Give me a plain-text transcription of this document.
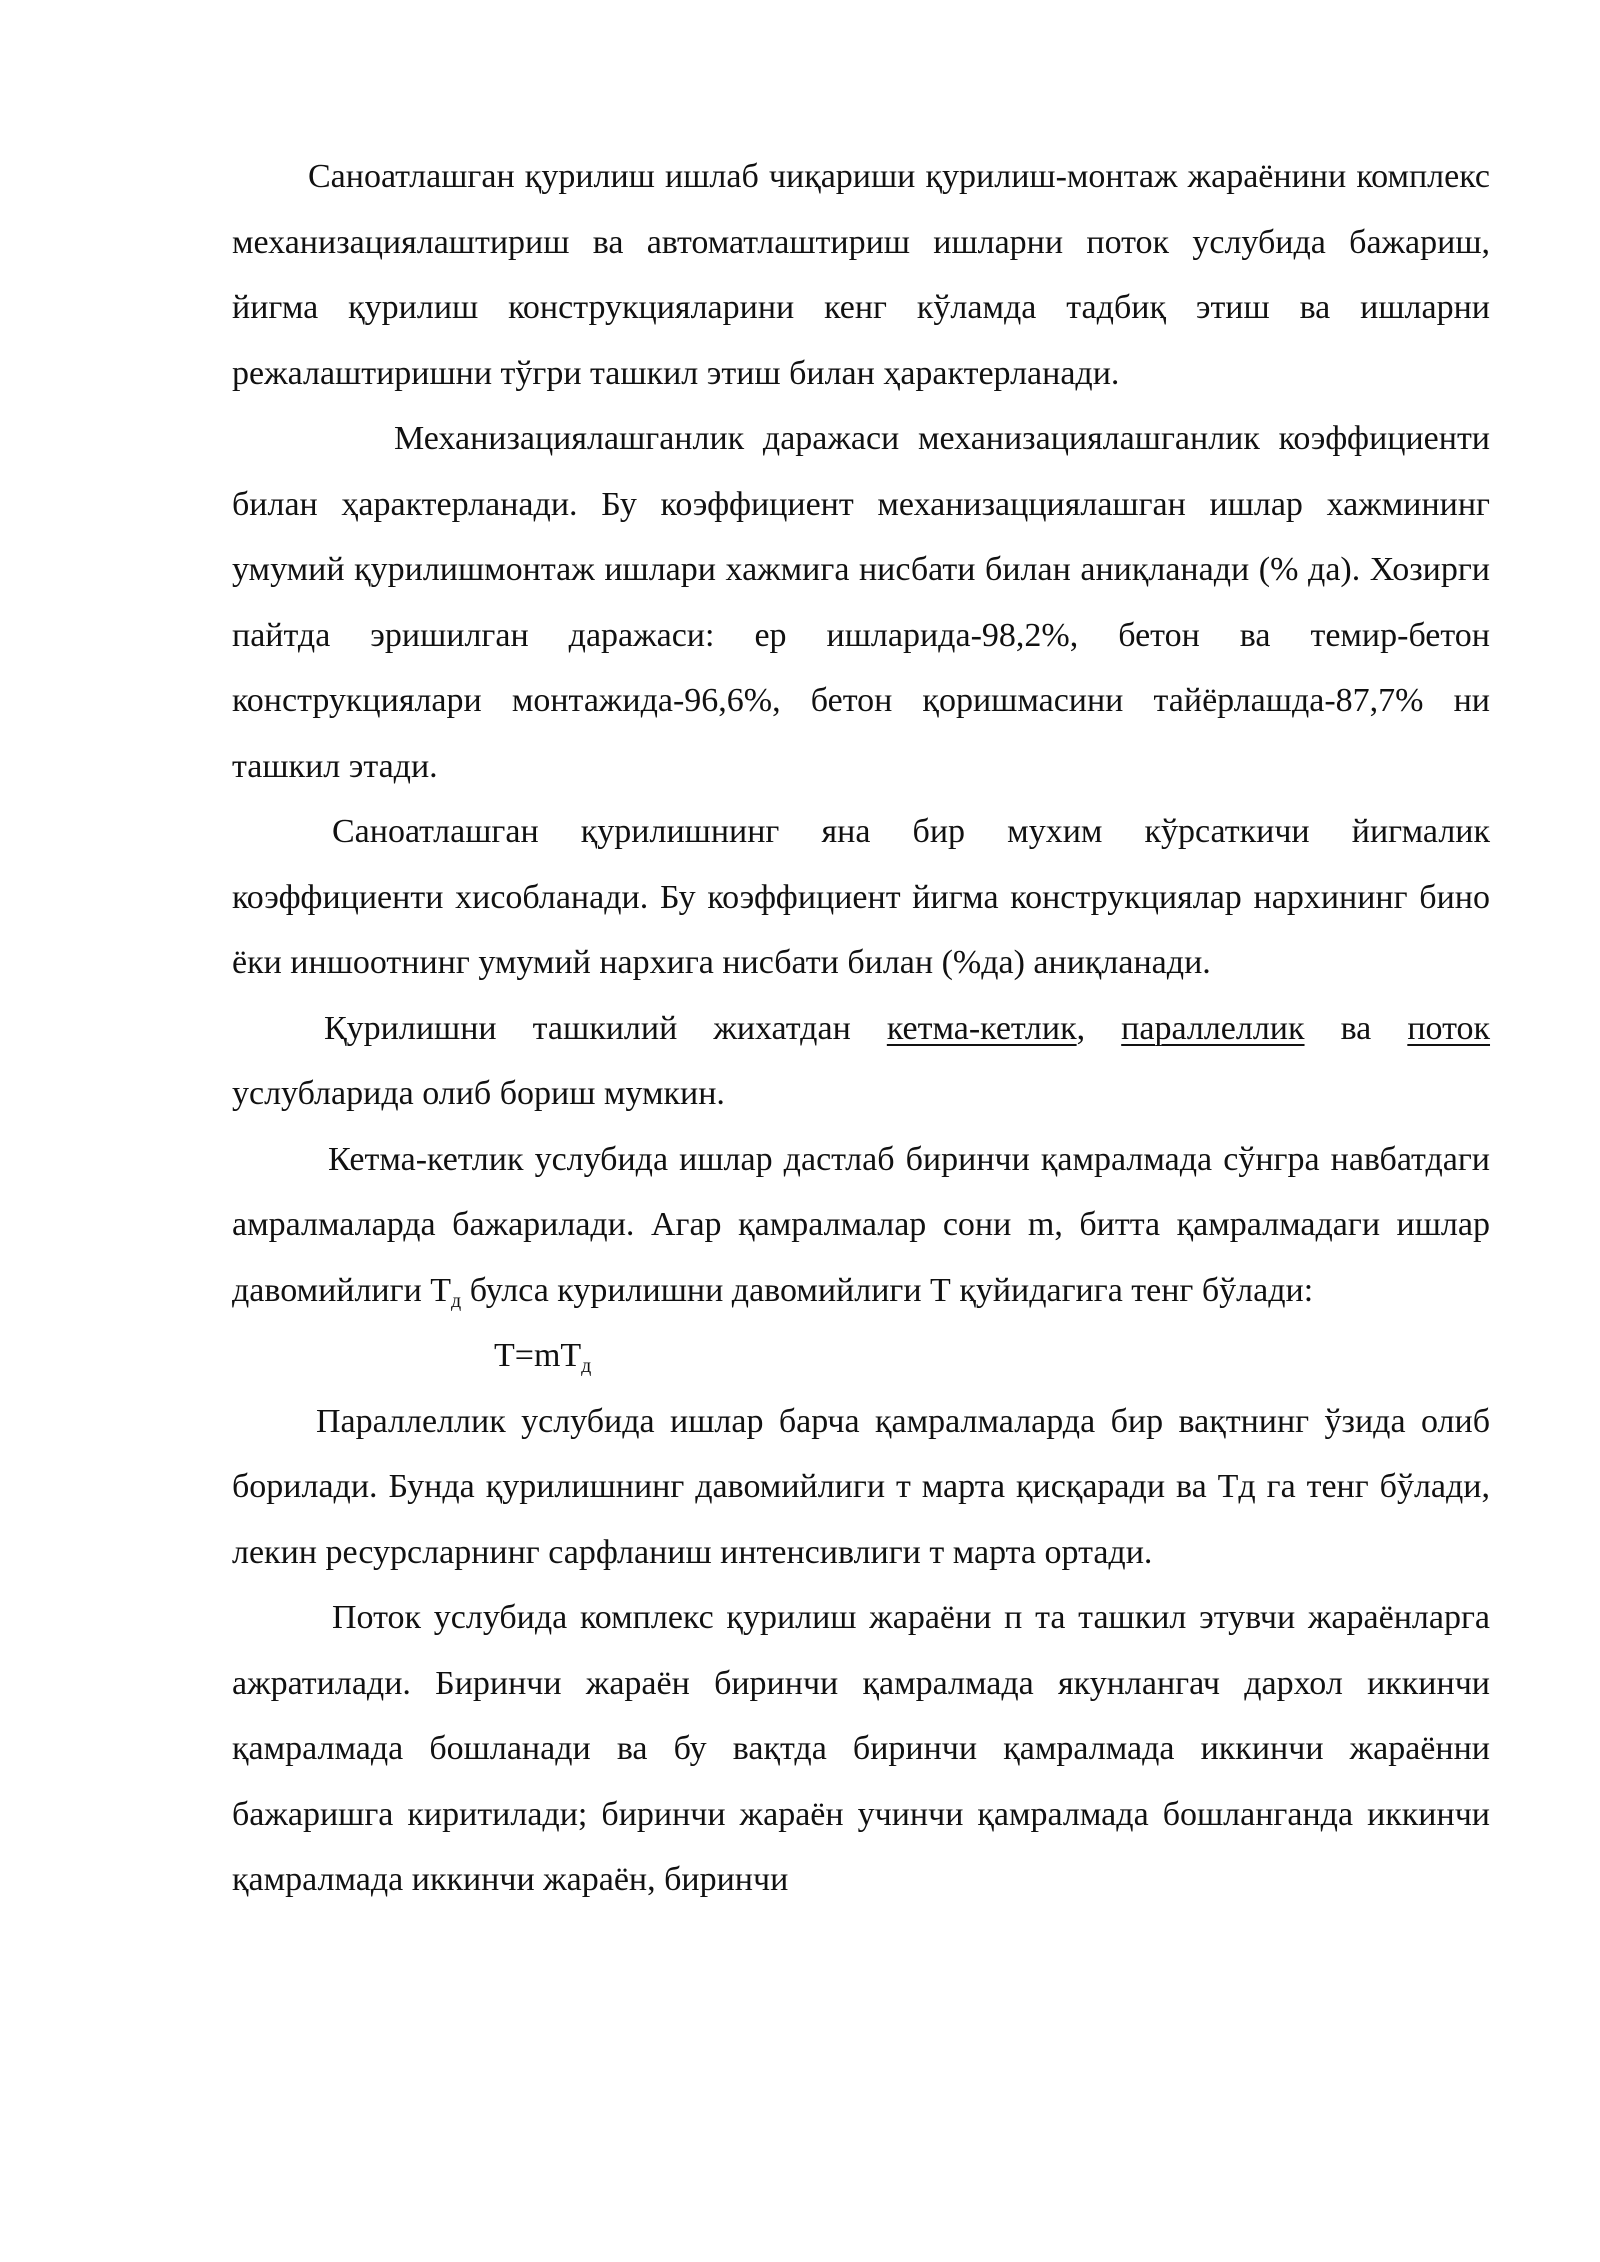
Саноатлашган қурилиш ишлаб чиқариши қурилиш-монтаж жараёнини комплекс механизациялаштириш ва автоматлаштириш ишларни поток услубида бажариш, йигма қурилиш конструкцияларини кенг кўламда тадбиқ этиш ва ишларни режалаштиришни тўгри ташкил этиш билан ҳарактерланади.

Механизациялашганлик даражаси механизациялашганлик коэффициенти билан ҳарактерланади. Бу коэффициент механизацциялашган ишлар хажмининг умумий қурилишмонтаж ишлари хажмига нисбати билан аниқланади (% да). Хозирги пайтда эришилган даражаси: ер ишларида-98,2%, бетон ва темир-бетон конструкциялари монтажида-96,6%, бетон қоришмасини тайёрлашда-87,7% ни ташкил этади.

Саноатлашган қурилишнинг яна бир мухим кўрсаткичи йигмалик коэффициенти хисобланади. Бу коэффициент йигма конструкциялар нархининг бино ёки иншоотнинг умумий нархига нисбати билан (%да) аниқланади.

Қурилишни ташкилий жихатдан кетма-кетлик, параллеллик ва поток услубларида олиб бориш мумкин.

Кетма-кетлик услубида ишлар дастлаб биринчи қамралмада сўнгра навбатдаги амралмаларда бажарилади. Агар қамралмалар сони m, битта қамралмадаги ишлар давомийлиги $Т_д$ булса курилишни давомийлиги Т қуйидагига тенг бўлади:

$Т=mТ_д$

Параллеллик услубида ишлар барча қамралмаларда бир вақтнинг ўзида олиб борилади. Бунда қурилишнинг давомийлиги т марта қисқаради ва Тд га тенг бўлади, лекин ресурсларнинг сарфланиш интенсивлиги т марта ортади.

Поток услубида комплекс қурилиш жараёни п та ташкил этувчи жараёнларга ажратилади. Биринчи жараён биринчи қамралмада якунлангач дархол иккинчи қамралмада бошланади ва бу вақтда биринчи қамралмада иккинчи жараённи бажаришга киритилади; биринчи жараён учинчи қамралмада бошланганда иккинчи қамралмада иккинчи жараён, биринчи
